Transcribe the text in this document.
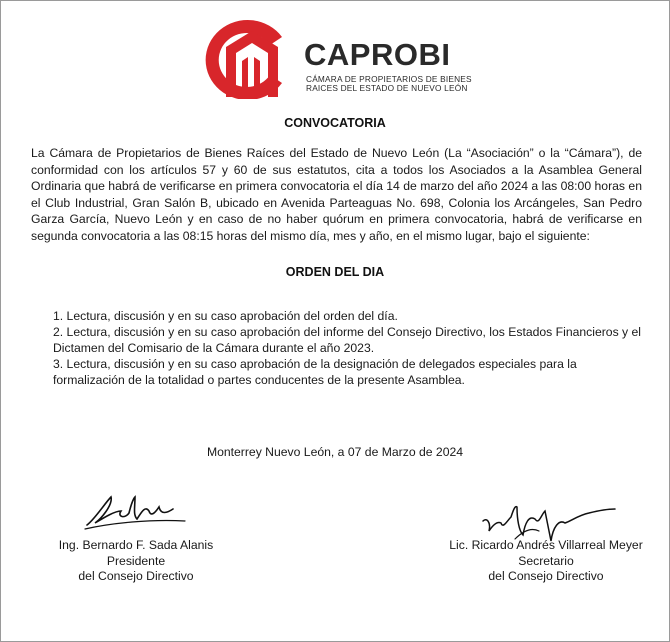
CAPROBI
CÁMARA DE PROPIETARIOS DE BIENES
RAICES DEL ESTADO DE NUEVO LEÓN
CONVOCATORIA
La Cámara de Propietarios de Bienes Raíces del Estado de Nuevo León (La “Asociación” o la “Cámara”), de conformidad con los artículos 57 y 60 de sus estatutos, cita a todos los Asociados a la Asamblea General Ordinaria que habrá de verificarse en primera convocatoria el día 14 de marzo del año 2024 a las 08:00 horas en el Club Industrial, Gran Salón B, ubicado en Avenida Parteaguas No. 698, Colonia los Arcángeles, San Pedro Garza García, Nuevo León y en caso de no haber quórum en primera convocatoria, habrá de verificarse en segunda convocatoria a las 08:15 horas del mismo día, mes y año, en el mismo lugar, bajo el siguiente:
ORDEN DEL DIA
1. Lectura, discusión y en su caso aprobación del orden del día.
2. Lectura, discusión y en su caso aprobación del informe del Consejo Directivo, los Estados Financieros y el Dictamen del Comisario de la Cámara durante el año 2023.
3. Lectura, discusión y en su caso aprobación de la designación de delegados especiales para la formalización de la totalidad o partes conducentes de la presente Asamblea.
Monterrey Nuevo León, a 07 de Marzo de 2024
Ing. Bernardo F. Sada Alanis
Presidente
del Consejo Directivo
Lic. Ricardo Andrés Villarreal Meyer
Secretario
del Consejo Directivo
